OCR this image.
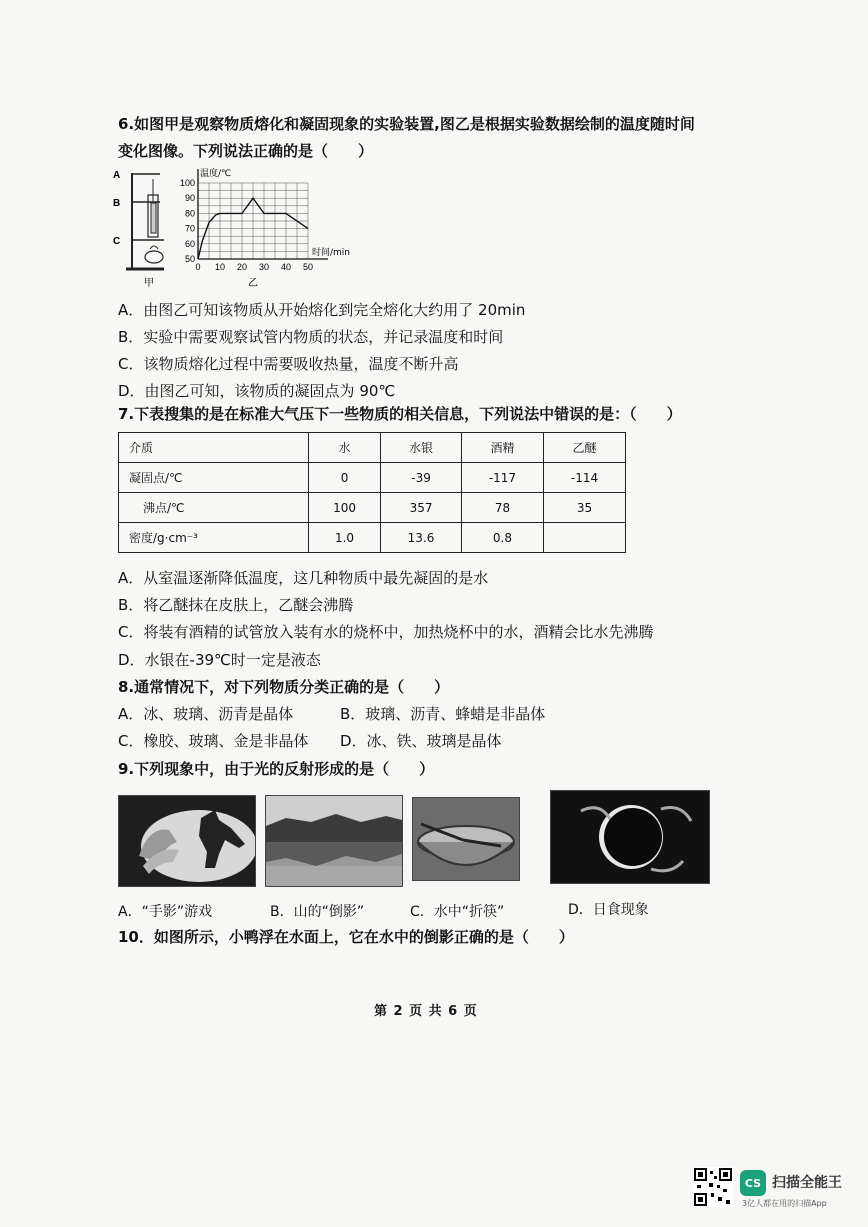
6.如图甲是观察物质熔化和凝固现象的实验装置,图乙是根据实验数据绘制的温度随时间
变化图像。下列说法正确的是（　　）
A
B
C
甲
0 10 20 30 40 50
50
60
70
80
90
100
温度/℃
时间/min
乙
A．由图乙可知该物质从开始熔化到完全熔化大约用了 20min
B．实验中需要观察试管内物质的状态，并记录温度和时间
C．该物质熔化过程中需要吸收热量，温度不断升高
D．由图乙可知，该物质的凝固点为 90℃
7.下表搜集的是在标准大气压下一些物质的相关信息，下列说法中错误的是：（　　）
介质	水	水银	酒精	乙醚
凝固点/℃	0	-39	-117	-114
沸点/℃	100	357	78	35
密度/g·cm⁻³	1.0	13.6	0.8	
A．从室温逐渐降低温度，这几种物质中最先凝固的是水
B．将乙醚抹在皮肤上，乙醚会沸腾
C．将装有酒精的试管放入装有水的烧杯中，加热烧杯中的水，酒精会比水先沸腾
D．水银在-39℃时一定是液态
8.通常情况下，对下列物质分类正确的是（　　）
A．冰、玻璃、沥青是晶体	B．玻璃、沥青、蜂蜡是非晶体
C．橡胶、玻璃、金是非晶体 D．冰、铁、玻璃是晶体
9.下列现象中，由于光的反射形成的是（　　）
A．“手影”游戏	B．山的“倒影”	C．水中“折筷”	D．日食现象
10．如图所示，小鸭浮在水面上，它在水中的倒影正确的是（　　）
第 2 页 共 6 页
CS 扫描全能王
3亿人都在用的扫描App
